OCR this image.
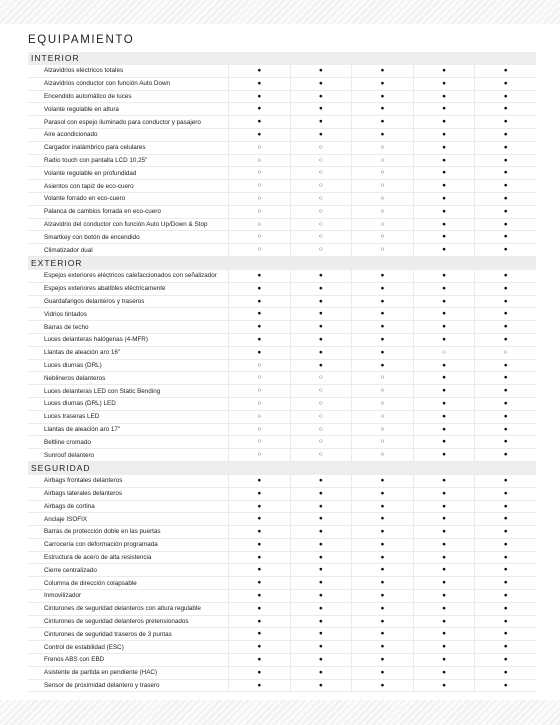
EQUIPAMIENTO
INTERIOR
Alzavidrios eléctricos totales	●	●	●	●	●
Alzavidrios conductor con función Auto Down	●	●	●	●	●
Encendido automático de luces	●	●	●	●	●
Volante regulable en altura	●	●	●	●	●
Parasol con espejo iluminado para conductor y pasajero	●	●	●	●	●
Aire acondicionado	●	●	●	●	●
Cargador inalámbrico para celulares	○	○	○	●	●
Radio touch con pantalla LCD 10,25"	○	○	○	●	●
Volante regulable en profundidad	○	○	○	●	●
Asientos con tapiz de eco-cuero	○	○	○	●	●
Volante forrado en eco-cuero	○	○	○	●	●
Palanca de cambios forrada en eco-cuero	○	○	○	●	●
Alzavidrio del conductor con función Auto Up/Down & Stop	○	○	○	●	●
Smartkey con botón de encendido	○	○	○	●	●
Climatizador dual	○	○	○	●	●
EXTERIOR
Espejos exteriores eléctricos calefaccionados con señalizador	●	●	●	●	●
Espejos exteriores abatibles eléctricamente	●	●	●	●	●
Guardafangos delanteros y traseros	●	●	●	●	●
Vidrios tintados	●	●	●	●	●
Barras de techo	●	●	●	●	●
Luces delanteras halógenas (4-MFR)	●	●	●	●	●
Llantas de aleación aro 16"	●	●	●	○	○
Luces diurnas (DRL)	○	●	●	●	●
Neblineros delanteros	○	○	○	●	●
Luces delanteras LED con Static Bending	○	○	○	●	●
Luces diurnas (DRL) LED	○	○	○	●	●
Luces traseras LED	○	○	○	●	●
Llantas de aleación aro 17"	○	○	○	●	●
Beltline cromado	○	○	○	●	●
Sunroof delantero	○	○	○	●	●
SEGURIDAD
Airbags frontales delanteros	●	●	●	●	●
Airbags laterales delanteros	●	●	●	●	●
Airbags de cortina	●	●	●	●	●
Anclaje ISOFIX	●	●	●	●	●
Barras de protección doble en las puertas	●	●	●	●	●
Carrocería con deformación programada	●	●	●	●	●
Estructura de acero de alta resistencia	●	●	●	●	●
Cierre centralizado	●	●	●	●	●
Columna de dirección colapsable	●	●	●	●	●
Inmovilizador	●	●	●	●	●
Cinturones de seguridad delanteros con altura regulable	●	●	●	●	●
Cinturones de seguridad delanteros pretensionados	●	●	●	●	●
Cinturones de seguridad traseros de 3 puntas	●	●	●	●	●
Control de estabilidad (ESC)	●	●	●	●	●
Frenos ABS con EBD	●	●	●	●	●
Asistente de partida en pendiente (HAC)	●	●	●	●	●
Sensor de proximidad delantero y trasero	●	●	●	●	●
